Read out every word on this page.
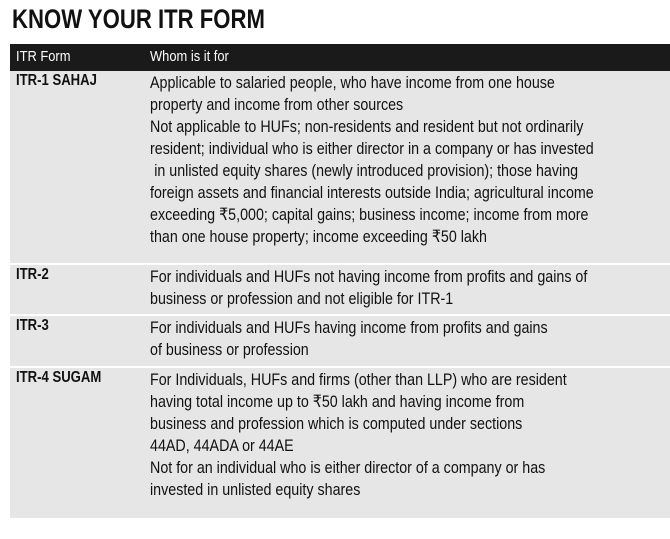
KNOW YOUR ITR FORM
ITR Form	Whom is it for
ITR-1 SAHAJ	Applicable to salaried people, who have income from one house

property and income from other sources

Not applicable to HUFs; non-residents and resident but not ordinarily

resident; individual who is either director in a company or has invested

in unlisted equity shares (newly introduced provision); those having

foreign assets and financial interests outside India; agricultural income

exceeding ₹5,000; capital gains; business income; income from more

than one house property; income exceeding ₹50 lakh

ITR-2	For individuals and HUFs not having income from profits and gains of

business or profession and not eligible for ITR-1

ITR-3	For individuals and HUFs having income from profits and gains

of business or profession

ITR-4 SUGAM	For Individuals, HUFs and firms (other than LLP) who are resident

having total income up to ₹50 lakh and having income from

business and profession which is computed under sections

44AD, 44ADA or 44AE

Not for an individual who is either director of a company or has

invested in unlisted equity shares
